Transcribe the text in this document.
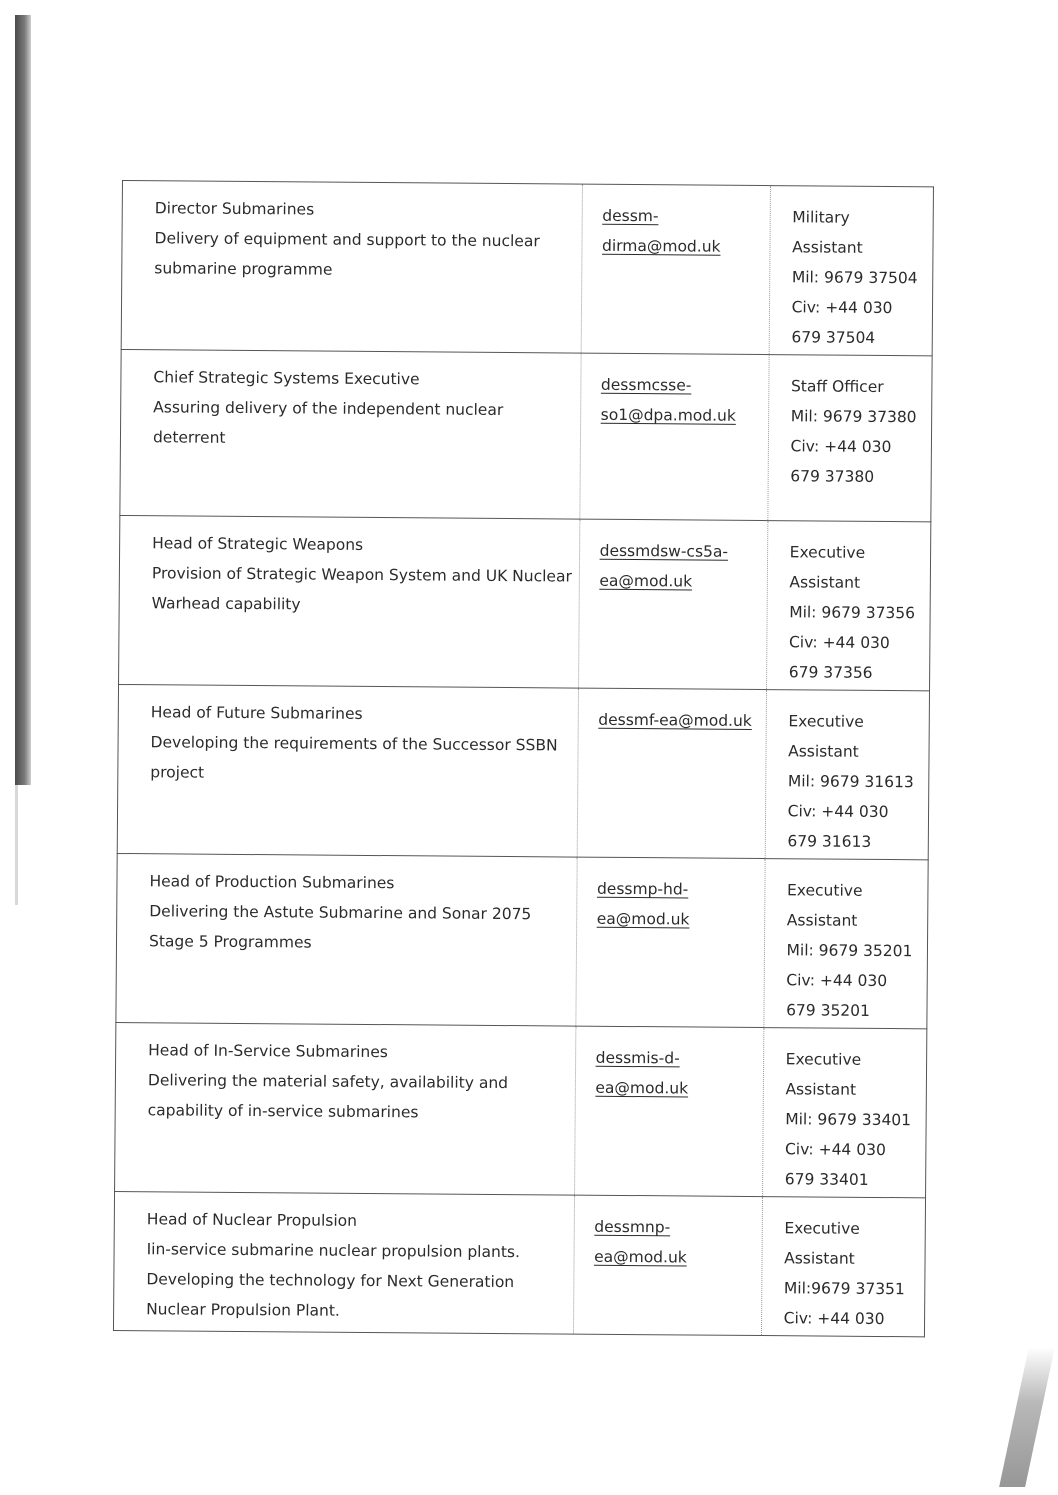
Director Submarines
Delivery of equipment and support to the nuclear submarine programme	dessm-
dirma@mod.uk	Military
Assistant
Mil: 9679 37504
Civ: +44 030
679 37504

Chief Strategic Systems Executive
Assuring delivery of the independent nuclear deterrent	dessmcsse-
so1@dpa.mod.uk	Staff Officer
Mil: 9679 37380
Civ: +44 030
679 37380

Head of Strategic Weapons
Provision of Strategic Weapon System and UK Nuclear Warhead capability	dessmdsw-cs5a-
ea@mod.uk	Executive
Assistant
Mil: 9679 37356
Civ: +44 030
679 37356

Head of Future Submarines
Developing the requirements of the Successor SSBN project	dessmf-ea@mod.uk	Executive
Assistant
Mil: 9679 31613
Civ: +44 030
679 31613

Head of Production Submarines
Delivering the Astute Submarine and Sonar 2075 Stage 5 Programmes	dessmp-hd-
ea@mod.uk	Executive
Assistant
Mil: 9679 35201
Civ: +44 030
679 35201

Head of In-Service Submarines
Delivering the material safety, availability and capability of in-service submarines	dessmis-d-
ea@mod.uk	Executive
Assistant
Mil: 9679 33401
Civ: +44 030
679 33401

Head of Nuclear Propulsion
Iin-service submarine nuclear propulsion plants. Developing the technology for Next Generation Nuclear Propulsion Plant.	dessmnp-
ea@mod.uk	Executive
Assistant
Mil:9679 37351
Civ: +44 030
